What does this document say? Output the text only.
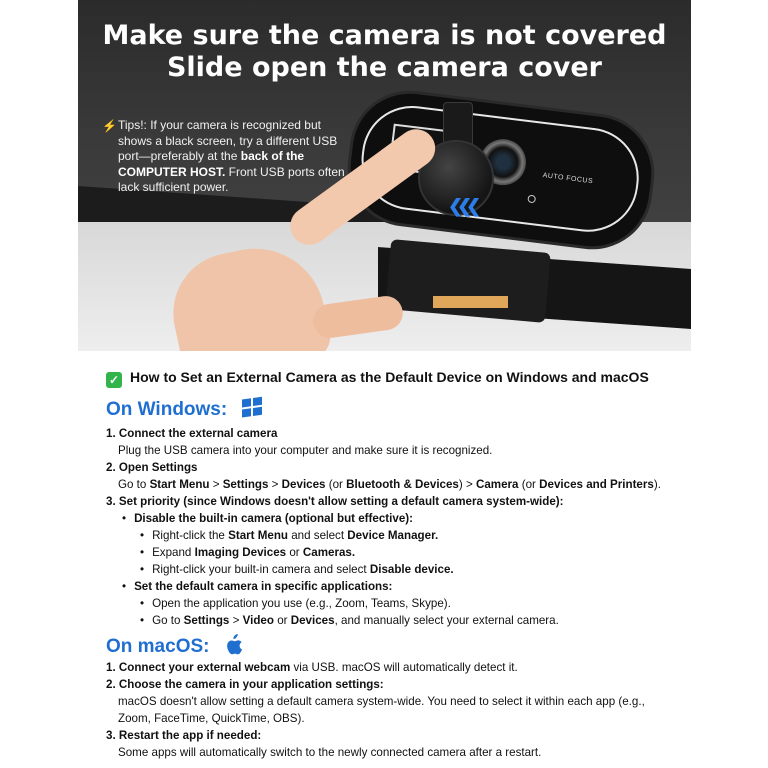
Make sure the camera is not covered
Slide open the camera cover
⚡ Tips!: If your camera is recognized but shows a black screen, try a different USB port—preferably at the back of the COMPUTER HOST. Front USB ports often lack sufficient power.
AUTO FOCUS
❮❮❮
✓ How to Set an External Camera as the Default Device on Windows and macOS
On Windows:
1. Connect the external camera
Plug the USB camera into your computer and make sure it is recognized.
2. Open Settings
Go to Start Menu > Settings > Devices (or Bluetooth & Devices) > Camera (or Devices and Printers).
3. Set priority (since Windows doesn't allow setting a default camera system-wide):
• Disable the built-in camera (optional but effective):
• Right-click the Start Menu and select Device Manager.
• Expand Imaging Devices or Cameras.
• Right-click your built-in camera and select Disable device.
• Set the default camera in specific applications:
• Open the application you use (e.g., Zoom, Teams, Skype).
• Go to Settings > Video or Devices, and manually select your external camera.
On macOS:
1. Connect your external webcam via USB. macOS will automatically detect it.
2. Choose the camera in your application settings:
macOS doesn't allow setting a default camera system-wide. You need to select it within each app (e.g.,
Zoom, FaceTime, QuickTime, OBS).
3. Restart the app if needed:
Some apps will automatically switch to the newly connected camera after a restart.
